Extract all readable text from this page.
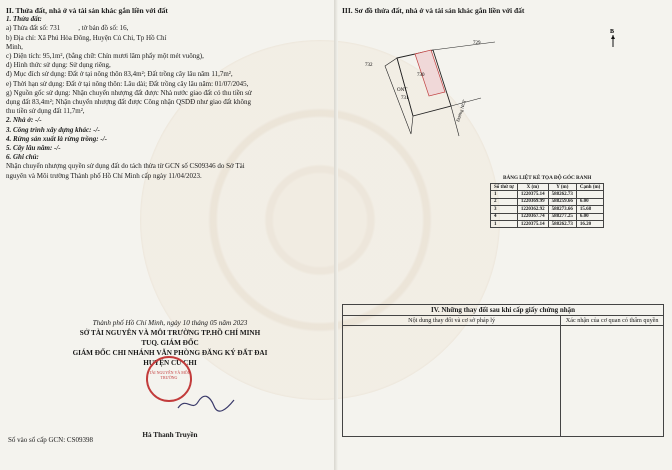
II. Thửa đất, nhà ở và tài sản khác gắn liền với đất
1. Thửa đất:
a) Thửa đất số: 731	, tờ bản đồ số: 16,
b) Địa chỉ: Xã Phú Hòa Đông, Huyện Củ Chi, Tp Hồ Chí
Minh,
c) Diện tích: 95,1m², (bằng chữ: Chín mươi lăm phẩy một mét vuông),
d) Hình thức sử dụng: Sử dụng riêng,
đ) Mục đích sử dụng: Đất ở tại nông thôn 83,4m²; Đất trồng cây lâu năm 11,7m²,
e) Thời hạn sử dụng: Đất ở tại nông thôn: Lâu dài; Đất trồng cây lâu năm: 01/07/2045,
g) Nguồn gốc sử dụng: Nhận chuyển nhượng đất được Nhà nước giao đất có thu tiền sử
dụng đất 83,4m²; Nhận chuyển nhượng đất được Công nhận QSDĐ như giao đất không
thu tiền sử dụng đất 11,7m²,
2. Nhà ở: -/-
3. Công trình xây dựng khác: -/-
4. Rừng sản xuất là rừng trồng: -/-
5. Cây lâu năm: -/-
6. Ghi chú:
Nhận chuyển nhượng quyền sử dụng đất do tách thửa từ GCN số CS09346 do Sở Tài
nguyên và Môi trường Thành phố Hồ Chí Minh cấp ngày 11/04/2023.
Thành phố Hồ Chí Minh, ngày 10 tháng 05 năm 2023
SỞ TÀI NGUYÊN VÀ MÔI TRƯỜNG TP.HỒ CHÍ MINH
TUQ. GIÁM ĐỐC
GIÁM ĐỐC CHI NHÁNH VĂN PHÒNG ĐĂNG KÝ ĐẤT ĐAI
HUYỆN CỦ CHI
Hà Thanh Truyền
TÀI NGUYÊN VÀ MÔI TRƯỜNG
Số vào sổ cấp GCN: CS09398
III. Sơ đồ thửa đất, nhà ở và tài sản khác gắn liền với đất
B
729
732
730
ONT
731
Đường NCT
BẢNG LIỆT KÊ TỌA ĐỘ GÓC RANH
Số thứ tự	X (m)	Y (m)	Cạnh (m)
1	1220375.14	588262.73	
2	1220369.99	588259.66	6.00
3	1220362.92	588273.66	15.68
4	1220367.74	588277.25	6.00
1	1220375.14	588262.73	16.20
IV. Những thay đổi sau khi cấp giấy chứng nhận	
Nội dung thay đổi và cơ sở pháp lý	Xác nhận của cơ quan có thẩm quyền
